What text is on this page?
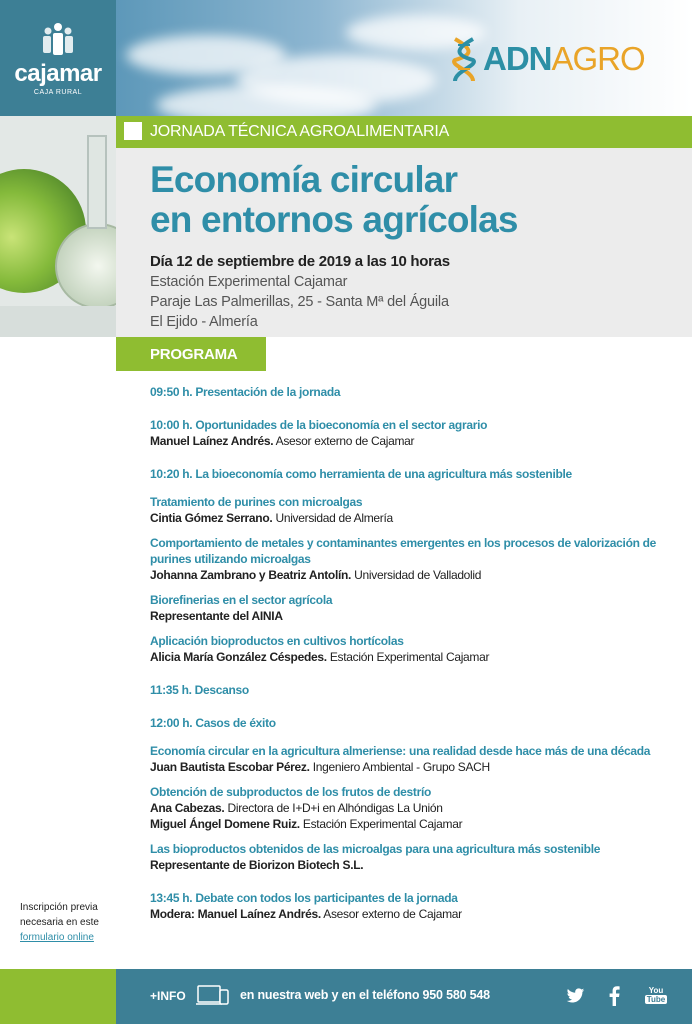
cajamar
CAJA RURAL
ADNAGRO
JORNADA TÉCNICA AGROALIMENTARIA
Economía circular
en entornos agrícolas
Día 12 de septiembre de 2019 a las 10 horas
Estación Experimental Cajamar
Paraje Las Palmerillas, 25 - Santa Mª del Águila
El Ejido - Almería
PROGRAMA
09:50 h. Presentación de la jornada
10:00 h. Oportunidades de la bioeconomía en el sector agrario
Manuel Laínez Andrés. Asesor externo de Cajamar
10:20 h. La bioeconomía como herramienta de una agricultura más sostenible
Tratamiento de purines con microalgas
Cintia Gómez Serrano. Universidad de Almería
Comportamiento de metales y contaminantes emergentes en los procesos de valorización de
purines utilizando microalgas
Johanna Zambrano y Beatriz Antolín. Universidad de Valladolid
Biorefinerias en el sector agrícola
Representante del AINIA
Aplicación bioproductos en cultivos hortícolas
Alicia María González Céspedes. Estación Experimental Cajamar
11:35 h. Descanso
12:00 h. Casos de éxito
Economía circular en la agricultura almeriense: una realidad desde hace más de una década
Juan Bautista Escobar Pérez. Ingeniero Ambiental - Grupo SACH
Obtención de subproductos de los frutos de destrío
Ana Cabezas. Directora de I+D+i en Alhóndigas La Unión
Miguel Ángel Domene Ruiz. Estación Experimental Cajamar
Las bioproductos obtenidos de las microalgas para una agricultura más sostenible
Representante de Biorizon Biotech S.L.
13:45 h. Debate con todos los participantes de la jornada
Modera: Manuel Laínez Andrés. Asesor externo de Cajamar
Inscripción previa
necesaria en este
formulario online
+INFO	en nuestra web y en el teléfono 950 580 548	You
Tube
